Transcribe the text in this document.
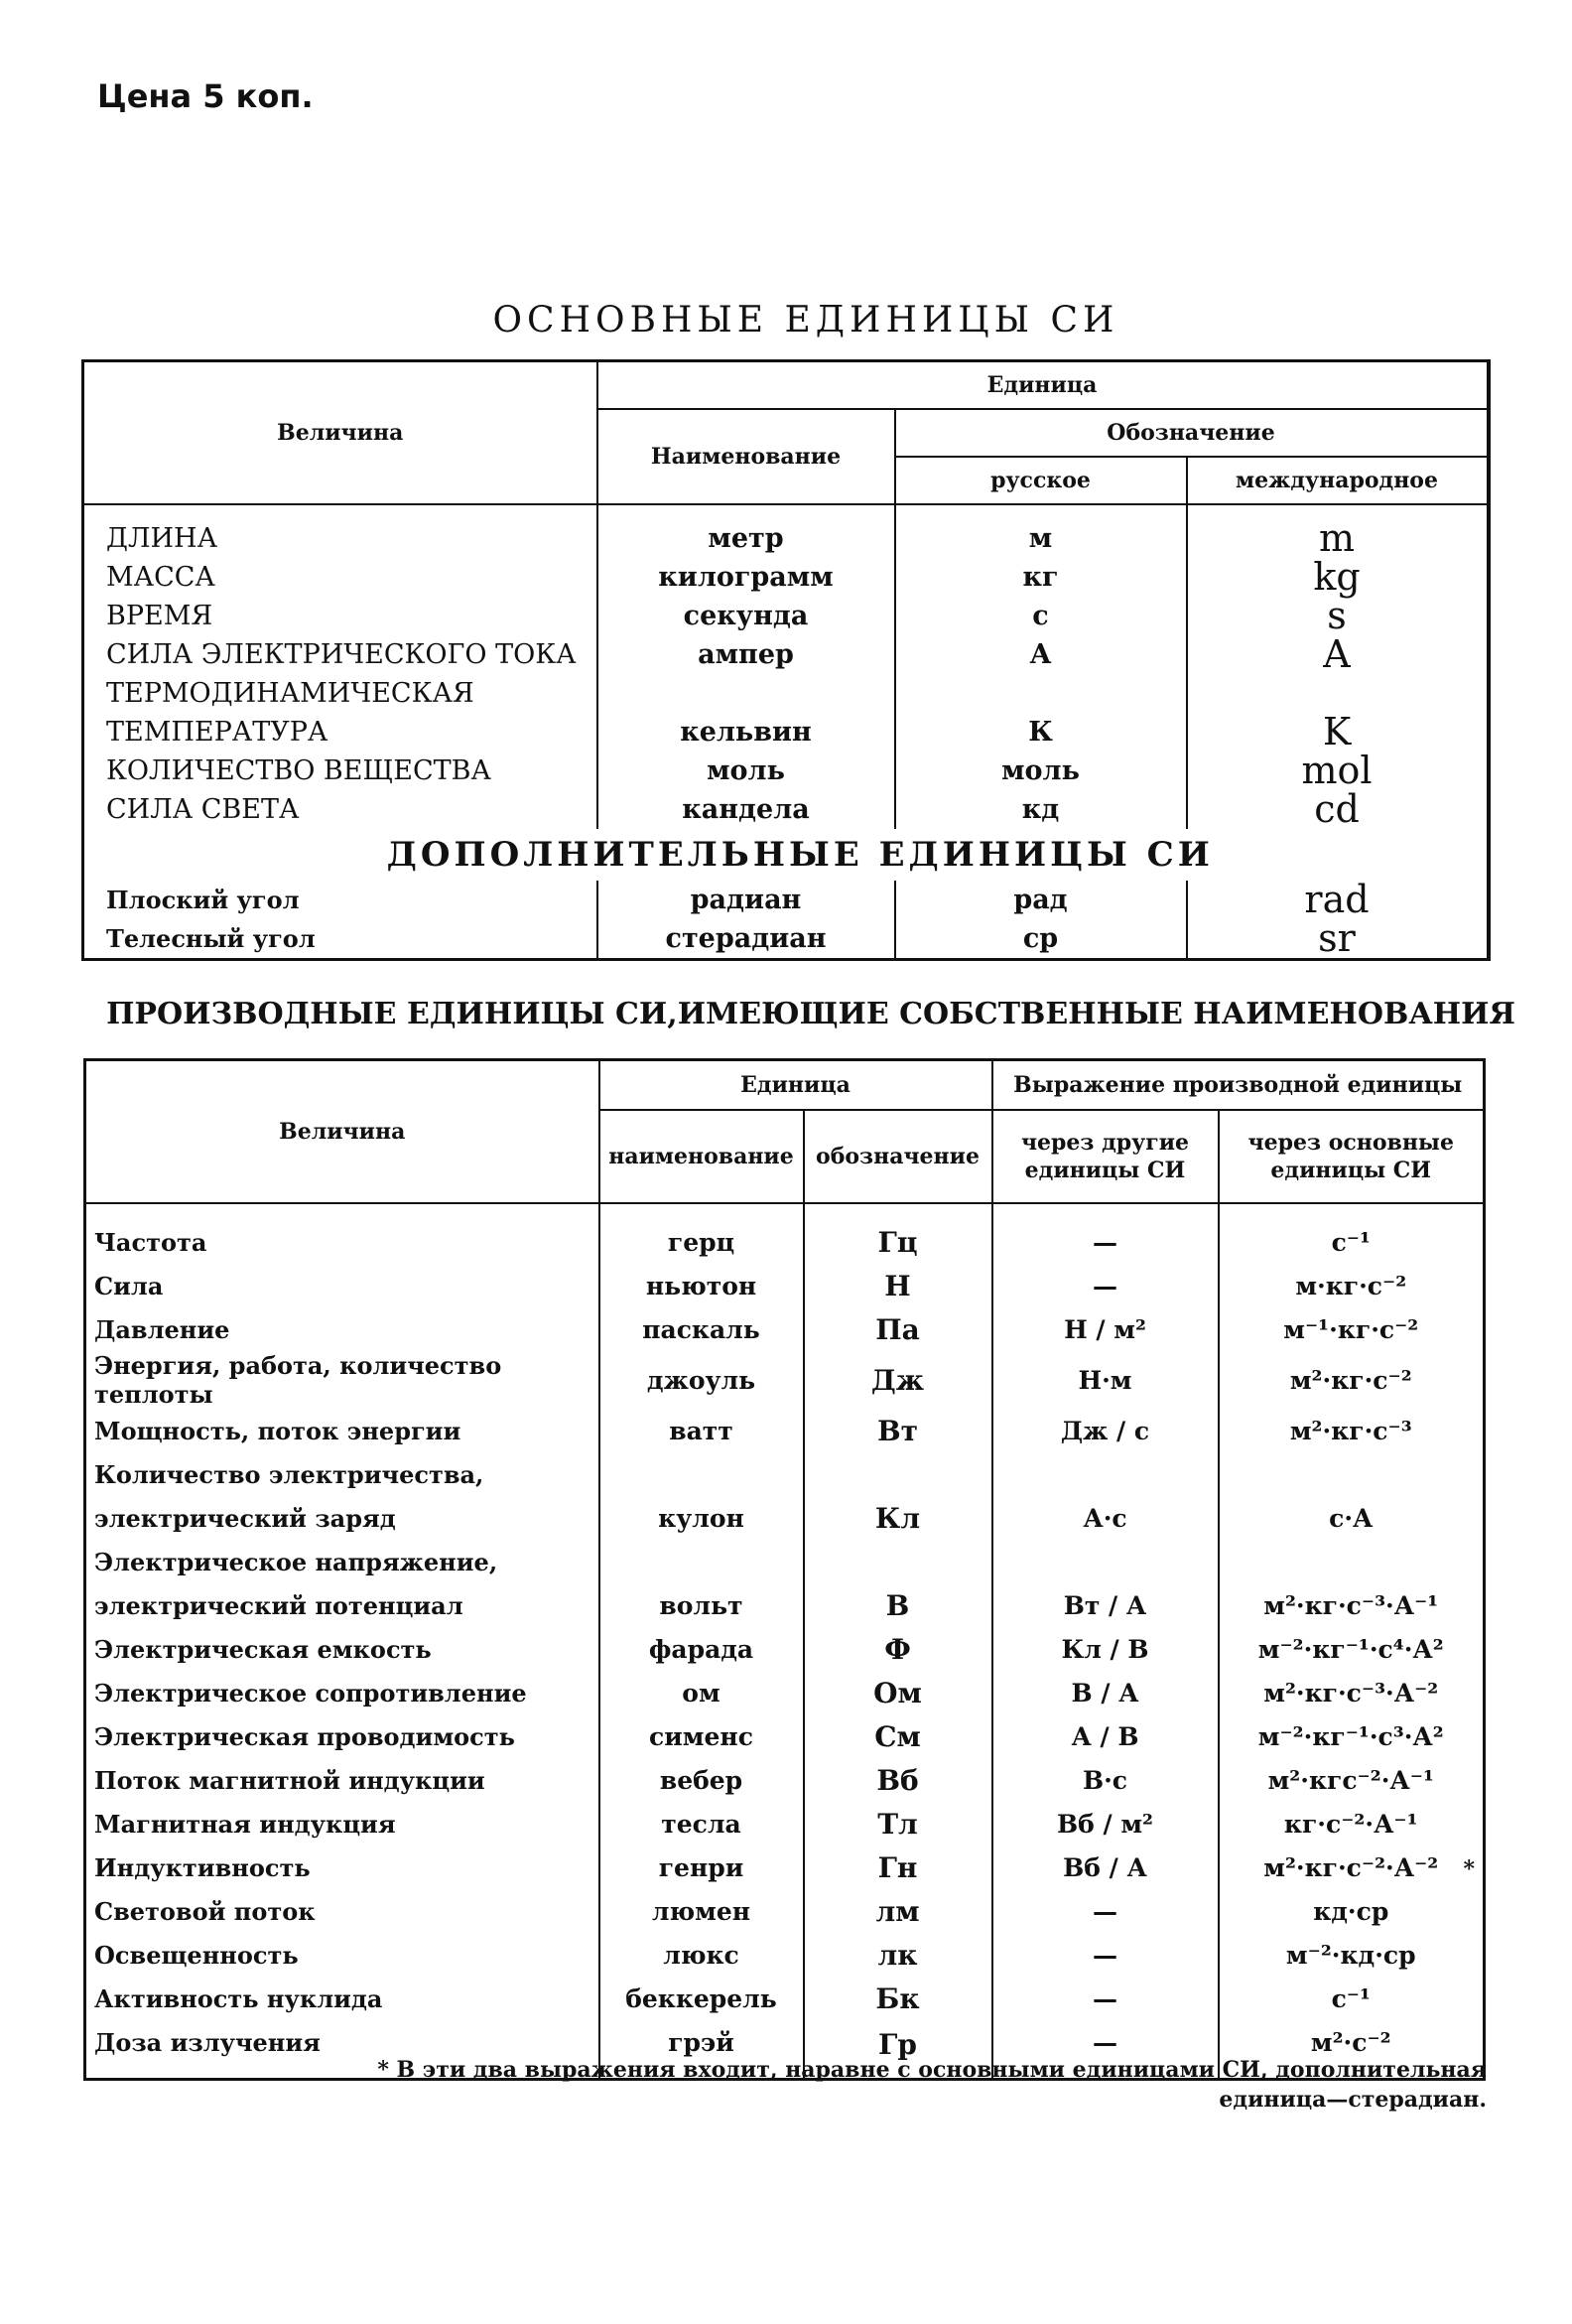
Цена 5 коп.
ОСНОВНЫЕ ЕДИНИЦЫ СИ
Величина	Единица		
	Наименование	Обозначение	
		русское	международное

ДЛИНА	метр	м	m
МАССА	килограмм	кг	kg
ВРЕМЯ	секунда	с	s
СИЛА ЭЛЕКТРИЧЕСКОГО ТОКА	ампер	А	A
ТЕРМОДИНАМИЧЕСКАЯ			
ТЕМПЕРАТУРА	кельвин	К	K
КОЛИЧЕСТВО ВЕЩЕСТВА	моль	моль	mol
СИЛА СВЕТА	кандела	кд	cd
ДОПОЛНИТЕЛЬНЫЕ ЕДИНИЦЫ СИ			
Плоский угол	радиан	рад	rad
Телесный угол	стерадиан	ср	sr
ПРОИЗВОДНЫЕ ЕДИНИЦЫ СИ,ИМЕЮЩИЕ СОБСТВЕННЫЕ НАИМЕНОВАНИЯ
Величина	Единица		Выражение производной единицы	
	наименование	обозначение	через другие единицы СИ	через основные единицы СИ

Частота	герц	Гц	—	с⁻¹
Сила	ньютон	Н	—	м·кг·с⁻²
Давление	паскаль	Па	Н / м²	м⁻¹·кг·с⁻²
Энергия, работа, количество теплоты	джоуль	Дж	Н·м	м²·кг·с⁻²
Мощность, поток энергии	ватт	Вт	Дж / с	м²·кг·с⁻³
Количество электричества,				
электрический заряд	кулон	Кл	А·с	с·А
Электрическое напряжение,				
электрический потенциал	вольт	В	Вт / А	м²·кг·с⁻³·А⁻¹
Электрическая емкость	фарада	Ф	Кл / В	м⁻²·кг⁻¹·с⁴·А²
Электрическое сопротивление	ом	Ом	В / А	м²·кг·с⁻³·А⁻²
Электрическая проводимость	сименс	См	А / В	м⁻²·кг⁻¹·с³·А²
Поток магнитной индукции	вебер	Вб	В·с	м²·кгс⁻²·А⁻¹
Магнитная индукция	тесла	Тл	Вб / м²	кг·с⁻²·А⁻¹
Индуктивность	генри	Гн	Вб / А	м²·кг·с⁻²·А⁻²
Световой поток	люмен	лм	—	кд·ср
Освещенность	люкс	лк	—	м⁻²·кд·ср
Активность нуклида	беккерель	Бк	—	с⁻¹
Доза излучения	грэй	Гр	—	м²·с⁻²
*
* В эти два выражения входит, наравне с основными единицами СИ, дополнительная
единица—стерадиан.
